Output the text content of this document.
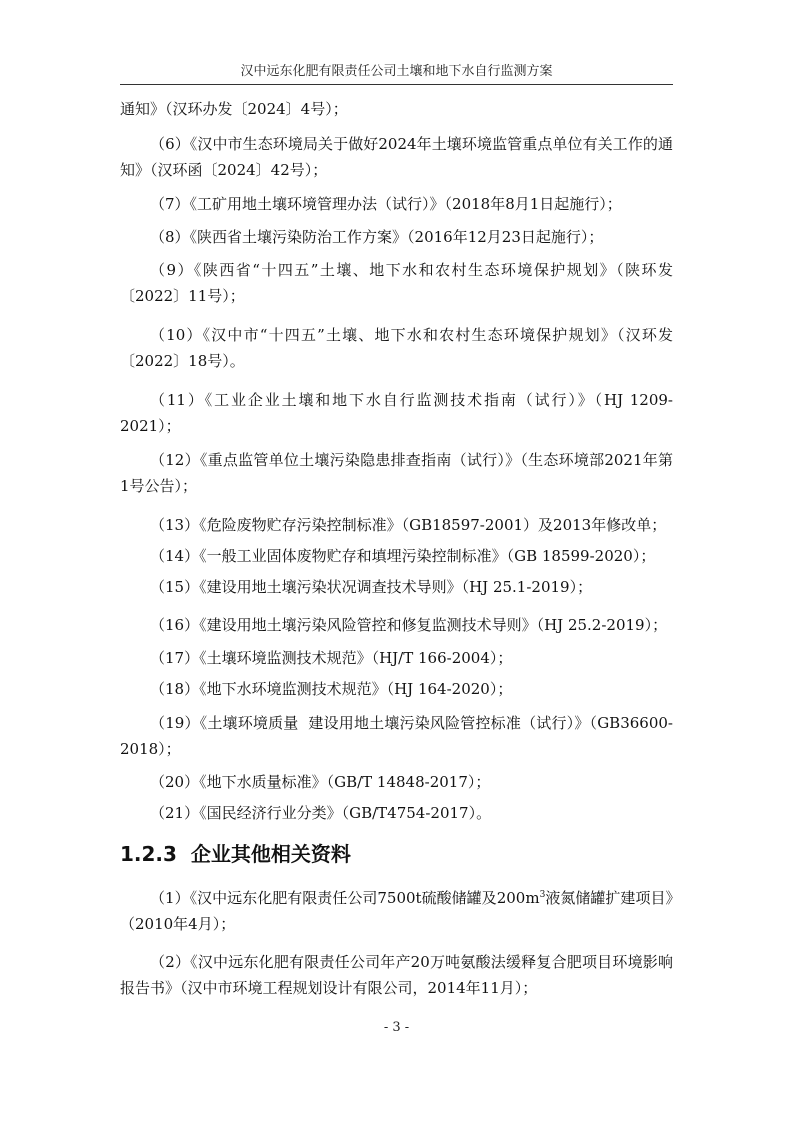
汉中远东化肥有限责任公司土壤和地下水自行监测方案

通知》（汉环办发〔2024〕4号）；

（6）《汉中市生态环境局关于做好2024年土壤环境监管重点单位有关工作的通知》（汉环函〔2024〕42号）；

（7）《工矿用地土壤环境管理办法（试行）》（2018年8月1日起施行）；

（8）《陕西省土壤污染防治工作方案》（2016年12月23日起施行）；

（9）《陕西省“十四五”土壤、地下水和农村生态环境保护规划》（陕环发〔2022〕11号）；

（10）《汉中市“十四五”土壤、地下水和农村生态环境保护规划》（汉环发〔2022〕18号）。

（11）《工业企业土壤和地下水自行监测技术指南（试行）》（HJ 1209-2021）；

（12）《重点监管单位土壤污染隐患排查指南（试行）》（生态环境部2021年第1号公告）；

（13）《危险废物贮存污染控制标准》（GB18597-2001）及2013年修改单；

（14）《一般工业固体废物贮存和填埋污染控制标准》（GB 18599-2020）；

（15）《建设用地土壤污染状况调查技术导则》（HJ 25.1-2019）；

（16）《建设用地土壤污染风险管控和修复监测技术导则》（HJ 25.2-2019）；

（17）《土壤环境监测技术规范》（HJ/T 166-2004）；

（18）《地下水环境监测技术规范》（HJ 164-2020）；

（19）《土壤环境质量  建设用地土壤污染风险管控标准（试行）》（GB36600-2018）；

（20）《地下水质量标准》（GB/T 14848-2017）；

（21）《国民经济行业分类》（GB/T4754-2017）。

1.2.3 企业其他相关资料

（1）《汉中远东化肥有限责任公司7500t硫酸储罐及$200m^3$液氮储罐扩建项目》（2010年4月）；

（2）《汉中远东化肥有限责任公司年产20万吨氨酸法缓释复合肥项目环境影响报告书》（汉中市环境工程规划设计有限公司，2014年11月）；

- 3 -
